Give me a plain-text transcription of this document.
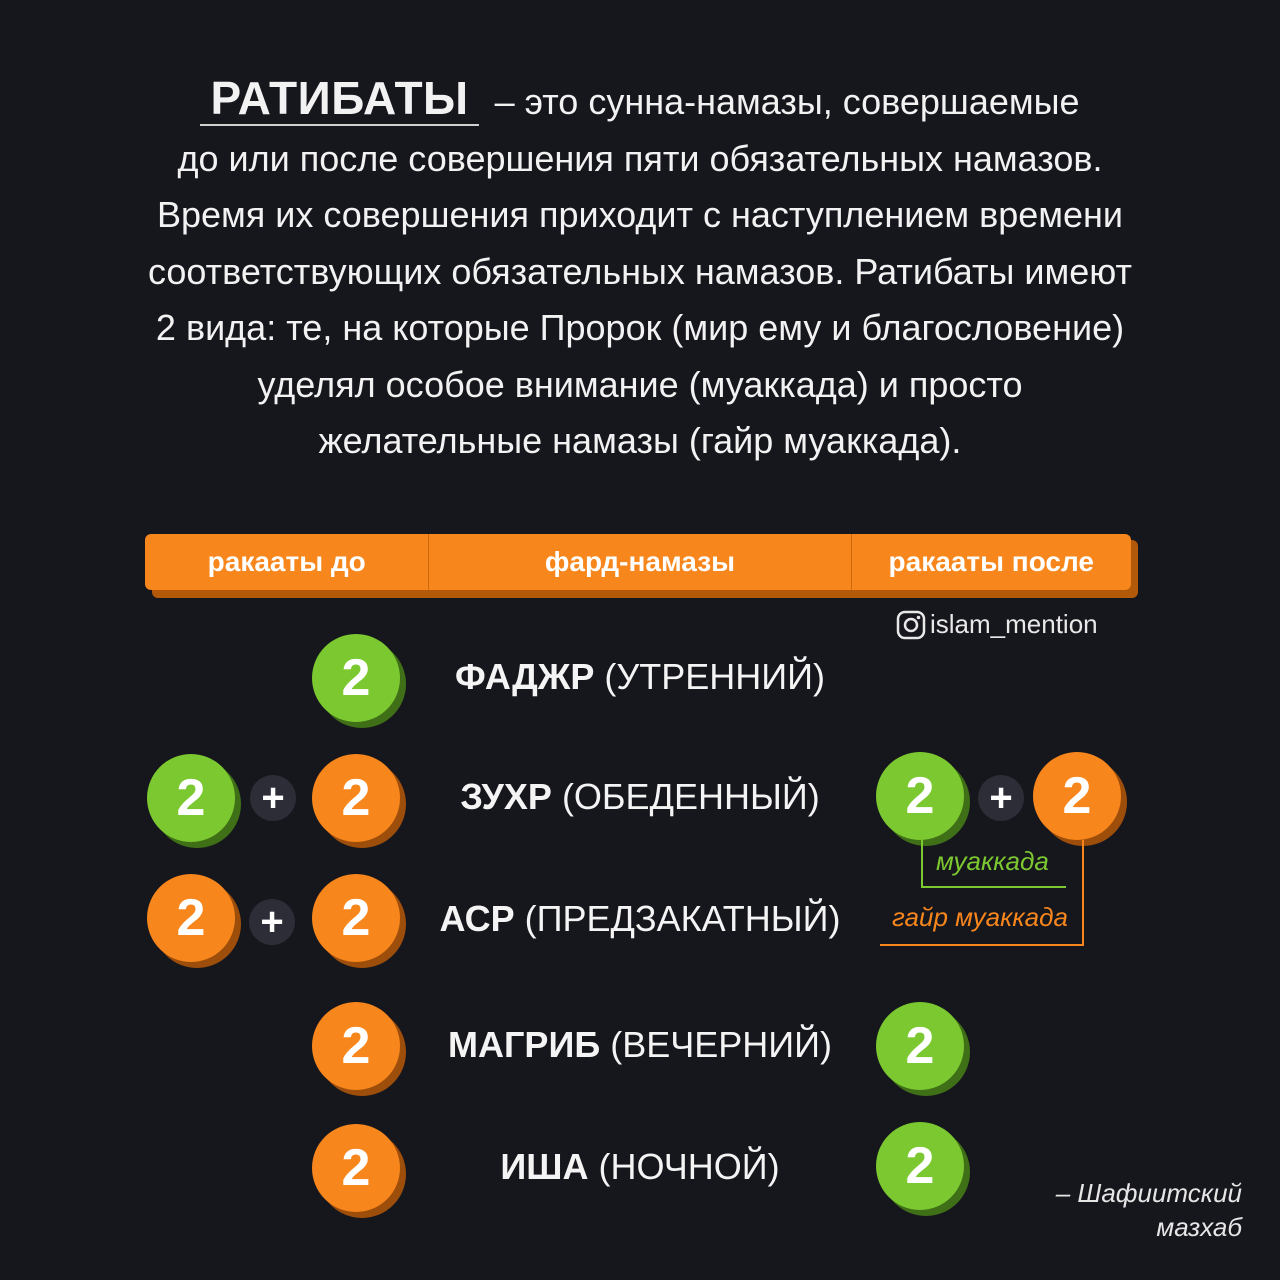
РАТИБАТЫ – это сунна-намазы, совершаемые
до или после совершения пяти обязательных намазов.
Время их совершения приходит с наступлением времени
соответствующих обязательных намазов. Ратибаты имеют
2 вида: те, на которые Пророк (мир ему и благословение)
уделял особое внимание (муаккада) и просто
желательные намазы (гайр муаккада).
ракааты до	фард-намазы	ракааты после
islam_mention
2	ФАДЖР (УТРЕННИЙ)
2	+	2	ЗУХР (ОБЕДЕННЫЙ)	2	+ 2
муаккада
гайр муаккада
2	+	2	АСР (ПРЕДЗАКАТНЫЙ)
2	МАГРИБ (ВЕЧЕРНИЙ)	2
2	ИША (НОЧНОЙ)	2	– Шафиитский
мазхаб
